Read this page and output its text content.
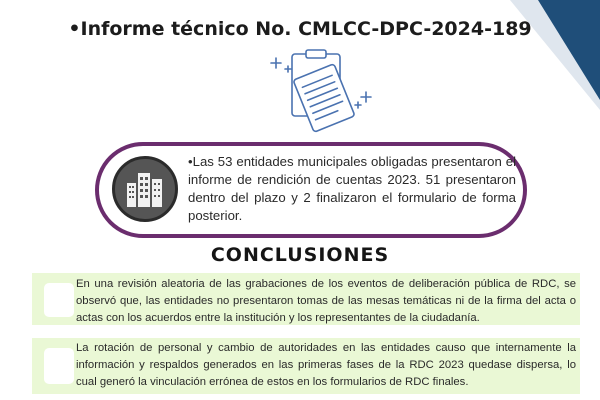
•Informe técnico No. CMLCC-DPC-2024-189
•Las 53 entidades municipales obligadas presentaron el informe de rendición de cuentas 2023. 51 presentaron dentro del plazo y 2 finalizaron el formulario de forma posterior.
CONCLUSIONES
En una revisión aleatoria de las grabaciones de los eventos de deliberación pública de RDC, se observó que, las entidades no presentaron tomas de las mesas temáticas ni de la firma del acta o actas con los acuerdos entre la institución y los representantes de la ciudadanía.
La rotación de personal y cambio de autoridades en las entidades causo que internamente la información y respaldos generados en las primeras fases de la RDC 2023 quedase dispersa, lo cual generó la vinculación errónea de estos en los formularios de RDC finales.
